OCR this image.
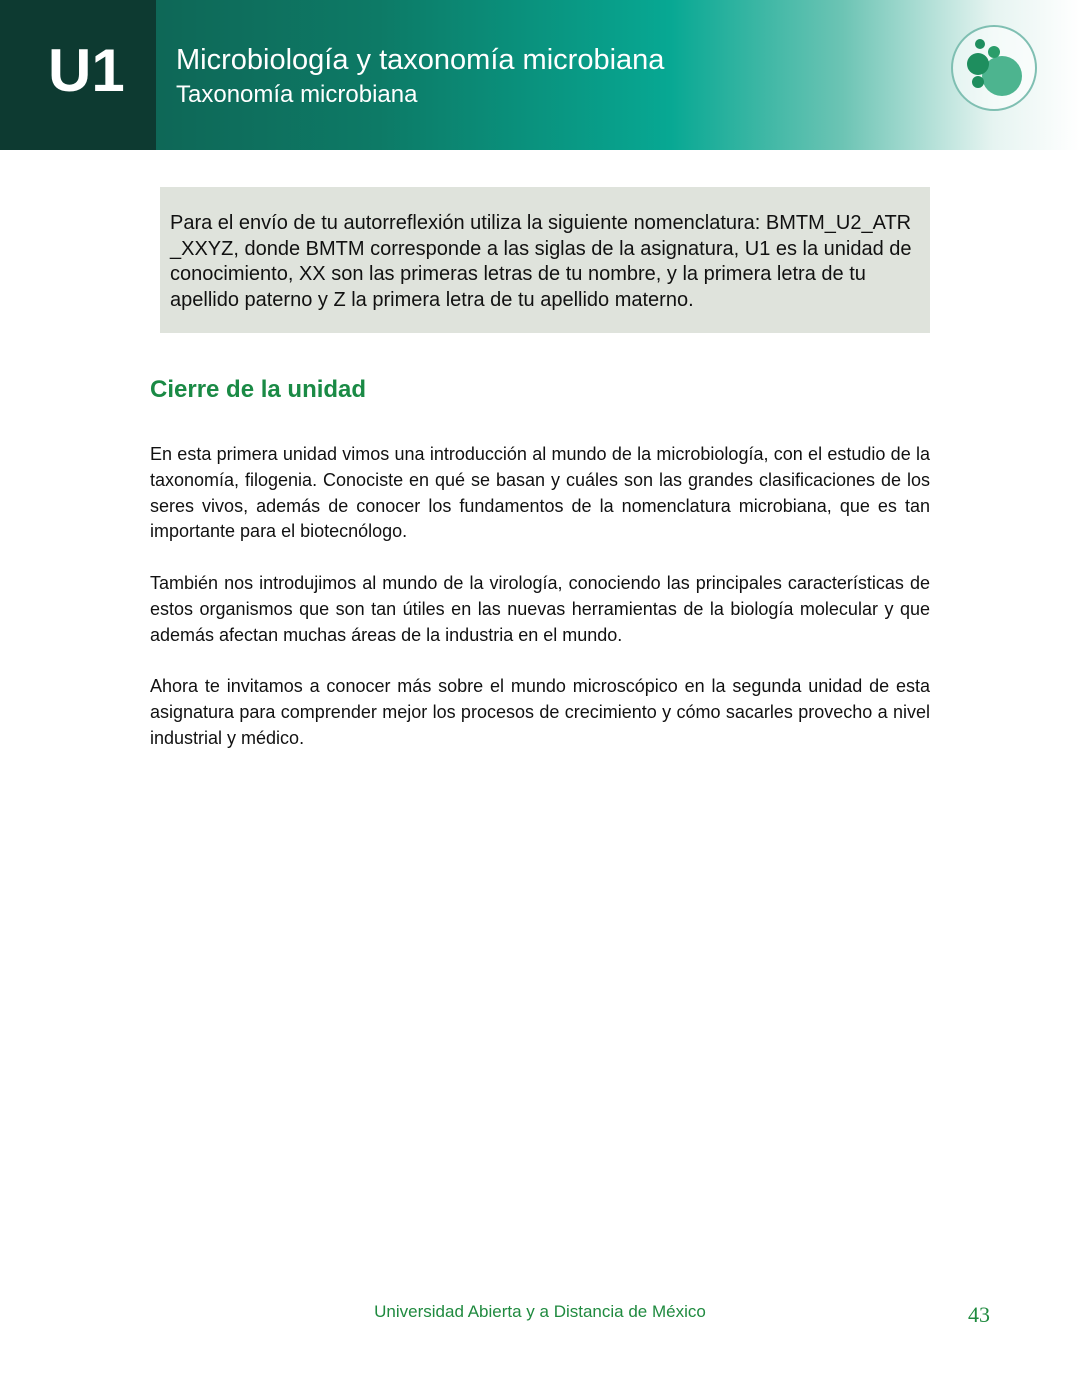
U1 Microbiología y taxonomía microbiana
Taxonomía microbiana
Para el envío de tu autorreflexión utiliza la siguiente nomenclatura: BMTM_U2_ATR _XXYZ, donde BMTM corresponde a las siglas de la asignatura, U1 es la unidad de conocimiento, XX son las primeras letras de tu nombre, y la primera letra de tu apellido paterno y Z la primera letra de tu apellido materno.
Cierre de la unidad

En esta primera unidad vimos una introducción al mundo de la microbiología, con el estudio de la taxonomía, filogenia. Conociste en qué se basan y cuáles son las grandes clasificaciones de los seres vivos, además de conocer los fundamentos de la nomenclatura microbiana, que es tan importante para el biotecnólogo.

También nos introdujimos al mundo de la virología, conociendo las principales características de estos organismos que son tan útiles en las nuevas herramientas de la biología molecular y que además afectan muchas áreas de la industria en el mundo.

Ahora te invitamos a conocer más sobre el mundo microscópico en la segunda unidad de esta asignatura para comprender mejor los procesos de crecimiento y cómo sacarles provecho a nivel industrial y médico.

Universidad Abierta y a Distancia de México	43
